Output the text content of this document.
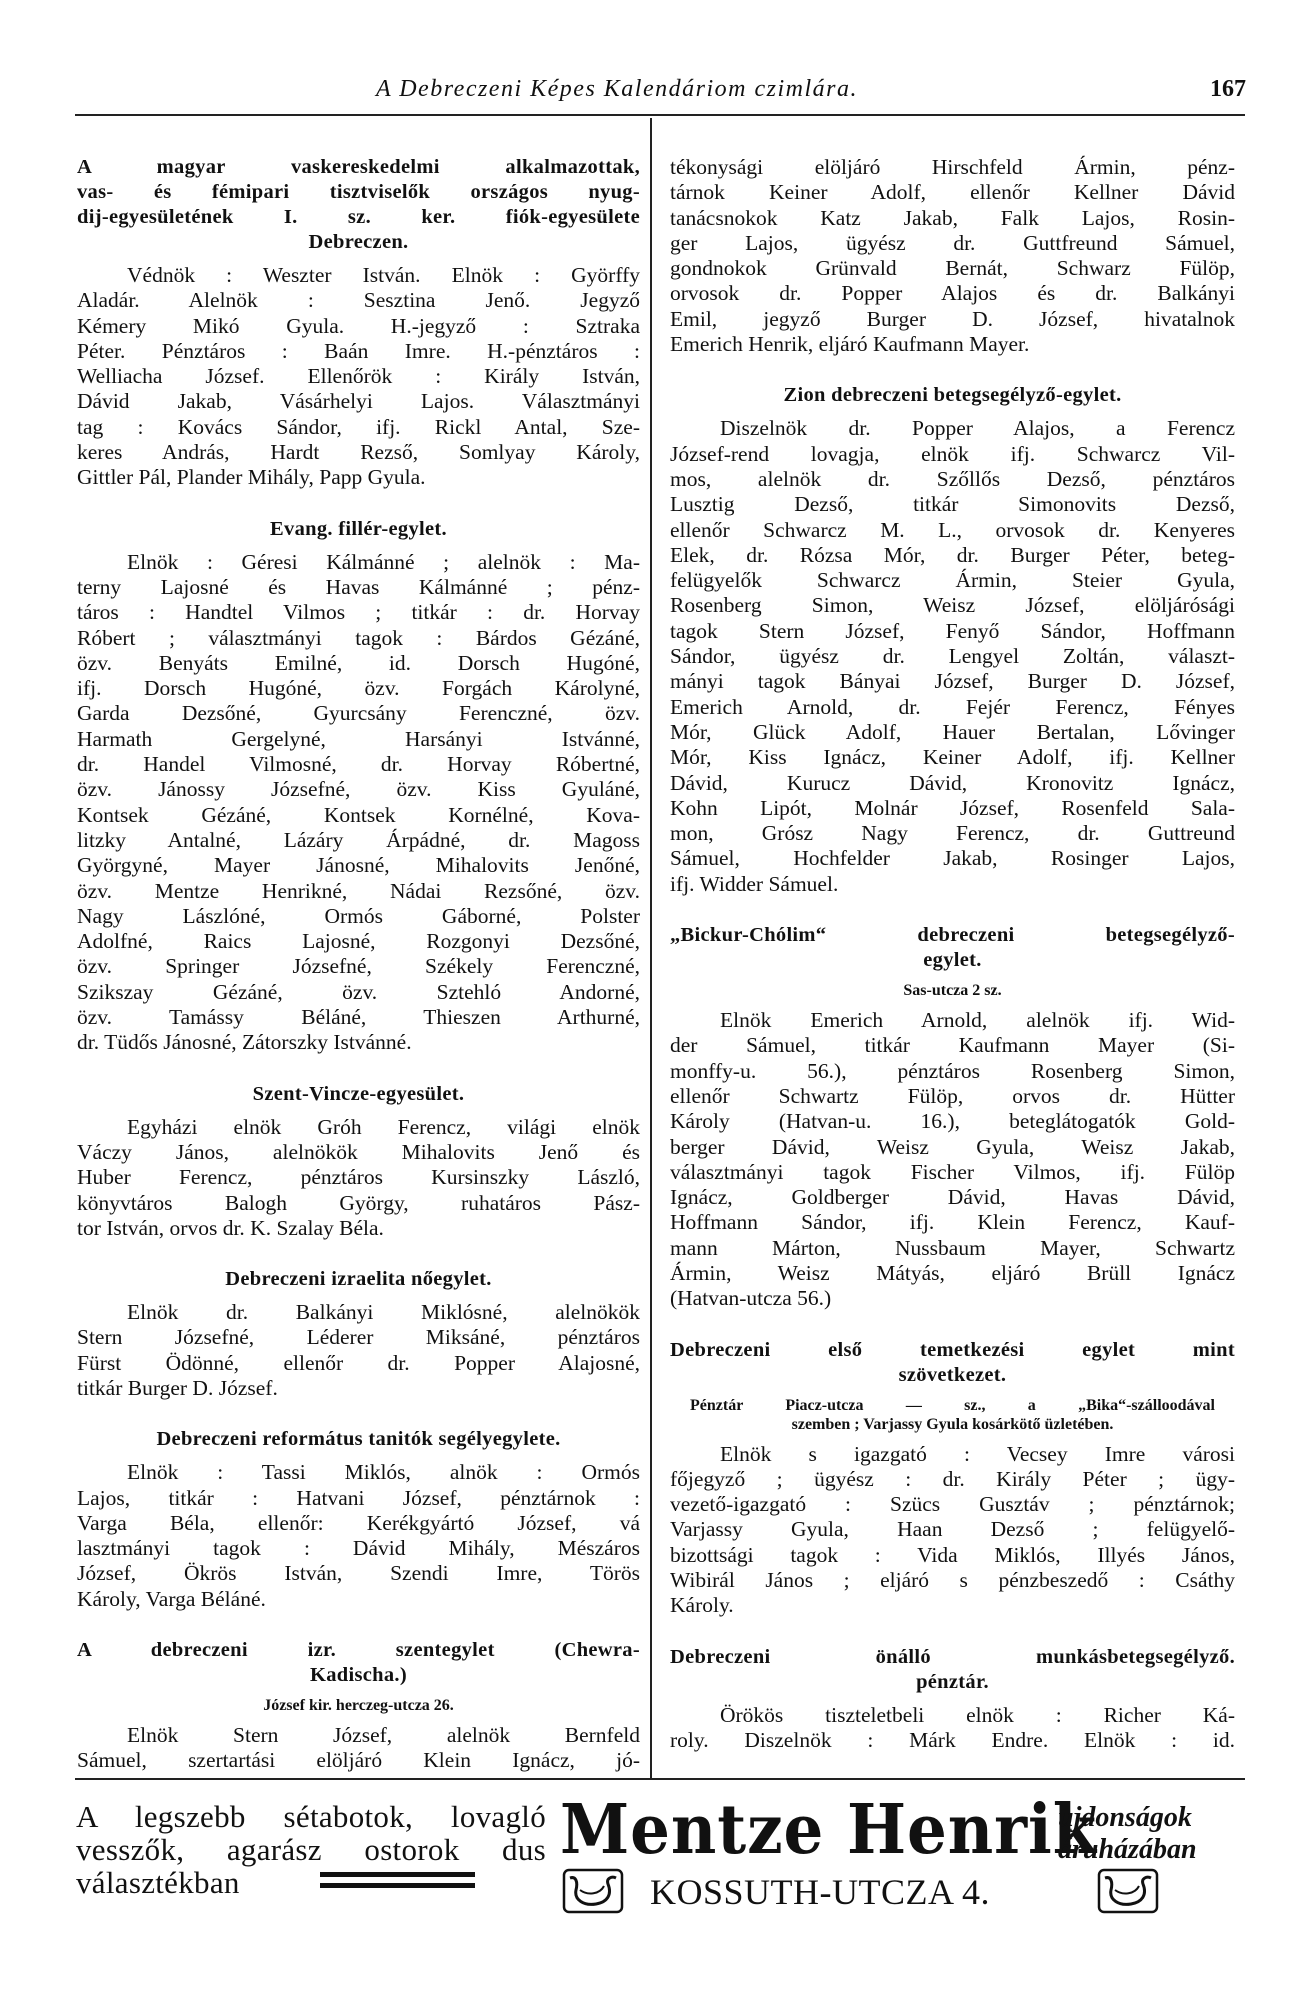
A Debreczeni Képes Kalendáriom czimlára.	167
A magyar vaskereskedelmi alkalmazottak,
vas- és fémipari tisztviselők országos nyug-
dij-egyesületének I. sz. ker. fiók-egyesülete
Debreczen.
Védnök : Weszter István. Elnök : Györffy
Aladár. Alelnök : Sesztina Jenő. Jegyző
Kémery Mikó Gyula. H.-jegyző : Sztraka
Péter. Pénztáros : Baán Imre. H.-pénztáros :
Welliacha József. Ellenőrök : Király István,
Dávid Jakab, Vásárhelyi Lajos. Választmányi
tag : Kovács Sándor, ifj. Rickl Antal, Sze-
keres András, Hardt Rezső, Somlyay Károly,
Gittler Pál, Plander Mihály, Papp Gyula.
Evang. fillér-egylet.
Elnök : Géresi Kálmánné ; alelnök : Ma-
terny Lajosné és Havas Kálmánné ; pénz-
táros : Handtel Vilmos ; titkár : dr. Horvay
Róbert ; választmányi tagok : Bárdos Gézáné,
özv. Benyáts Emilné, id. Dorsch Hugóné,
ifj. Dorsch Hugóné, özv. Forgách Károlyné,
Garda Dezsőné, Gyurcsány Ferenczné, özv.
Harmath Gergelyné, Harsányi Istvánné,
dr. Handel Vilmosné, dr. Horvay Róbertné,
özv. Jánossy Józsefné, özv. Kiss Gyuláné,
Kontsek Gézáné, Kontsek Kornélné, Kova-
litzky Antalné, Lázáry Árpádné, dr. Magoss
Györgyné, Mayer Jánosné, Mihalovits Jenőné,
özv. Mentze Henrikné, Nádai Rezsőné, özv.
Nagy Lászlóné, Ormós Gáborné, Polster
Adolfné, Raics Lajosné, Rozgonyi Dezsőné,
özv. Springer Józsefné, Székely Ferenczné,
Szikszay Gézáné, özv. Sztehló Andorné,
özv. Tamássy Béláné, Thieszen Arthurné,
dr. Tüdős Jánosné, Zátorszky Istvánné.
Szent-Vincze-egyesület.
Egyházi elnök Gróh Ferencz, világi elnök
Váczy János, alelnökök Mihalovits Jenő és
Huber Ferencz, pénztáros Kursinszky László,
könyvtáros Balogh György, ruhatáros Pász-
tor István, orvos dr. K. Szalay Béla.
Debreczeni izraelita nőegylet.
Elnök dr. Balkányi Miklósné, alelnökök
Stern Józsefné, Léderer Miksáné, pénztáros
Fürst Ödönné, ellenőr dr. Popper Alajosné,
titkár Burger D. József.
Debreczeni református tanitók segélyegylete.
Elnök : Tassi Miklós, alnök : Ormós
Lajos, titkár : Hatvani József, pénztárnok :
Varga Béla, ellenőr: Kerékgyártó József, vá
lasztmányi tagok : Dávid Mihály, Mészáros
József, Ökrös István, Szendi Imre, Törös
Károly, Varga Béláné.
A debreczeni izr. szentegylet (Chewra-
Kadischa.)
József kir. herczeg-utcza 26.
Elnök Stern József, alelnök Bernfeld
Sámuel, szertartási elöljáró Klein Ignácz, jó-
tékonysági elöljáró Hirschfeld Ármin, pénz-
tárnok Keiner Adolf, ellenőr Kellner Dávid
tanácsnokok Katz Jakab, Falk Lajos, Rosin-
ger Lajos, ügyész dr. Guttfreund Sámuel,
gondnokok Grünvald Bernát, Schwarz Fülöp,
orvosok dr. Popper Alajos és dr. Balkányi
Emil, jegyző Burger D. József, hivatalnok
Emerich Henrik, eljáró Kaufmann Mayer.
Zion debreczeni betegsegélyző-egylet.
Diszelnök dr. Popper Alajos, a Ferencz
József-rend lovagja, elnök ifj. Schwarcz Vil-
mos, alelnök dr. Szőllős Dezső, pénztáros
Lusztig Dezső, titkár Simonovits Dezső,
ellenőr Schwarcz M. L., orvosok dr. Kenyeres
Elek, dr. Rózsa Mór, dr. Burger Péter, beteg-
felügyelők Schwarcz Ármin, Steier Gyula,
Rosenberg Simon, Weisz József, elöljárósági
tagok Stern József, Fenyő Sándor, Hoffmann
Sándor, ügyész dr. Lengyel Zoltán, választ-
mányi tagok Bányai József, Burger D. József,
Emerich Arnold, dr. Fejér Ferencz, Fényes
Mór, Glück Adolf, Hauer Bertalan, Lővinger
Mór, Kiss Ignácz, Keiner Adolf, ifj. Kellner
Dávid, Kurucz Dávid, Kronovitz Ignácz,
Kohn Lipót, Molnár József, Rosenfeld Sala-
mon, Grósz Nagy Ferencz, dr. Guttreund
Sámuel, Hochfelder Jakab, Rosinger Lajos,
ifj. Widder Sámuel.
„Bickur-Chólim“ debreczeni betegsegélyző-
egylet.
Sas-utcza 2 sz.
Elnök Emerich Arnold, alelnök ifj. Wid-
der Sámuel, titkár Kaufmann Mayer (Si-
monffy-u. 56.), pénztáros Rosenberg Simon,
ellenőr Schwartz Fülöp, orvos dr. Hütter
Károly (Hatvan-u. 16.), beteglátogatók Gold-
berger Dávid, Weisz Gyula, Weisz Jakab,
választmányi tagok Fischer Vilmos, ifj. Fülöp
Ignácz, Goldberger Dávid, Havas Dávid,
Hoffmann Sándor, ifj. Klein Ferencz, Kauf-
mann Márton, Nussbaum Mayer, Schwartz
Ármin, Weisz Mátyás, eljáró Brüll Ignácz
(Hatvan-utcza 56.)
Debreczeni első temetkezési egylet mint
szövetkezet.
Pénztár Piacz-utcza — sz., a „Bika“-szálloodával
szemben ; Varjassy Gyula kosárkötő üzletében.
Elnök s igazgató : Vecsey Imre városi
főjegyző ; ügyész : dr. Király Péter ; ügy-
vezető-igazgató : Szücs Gusztáv ; pénztárnok;
Varjassy Gyula, Haan Dezső ; felügyelő-
bizottsági tagok : Vida Miklós, Illyés János,
Wibirál János ; eljáró s pénzbeszedő : Csáthy
Károly.
Debreczeni önálló munkásbetegsegélyző.
pénztár.
Örökös tiszteletbeli elnök : Richer Ká-
roly. Diszelnök : Márk Endre. Elnök : id.
A legszebb sétabotok, lovagló
vesszők, agarász ostorok dus
választékban
Mentze Henrik
ujdonságok
áruházában
KOSSUTH-UTCZA 4.
